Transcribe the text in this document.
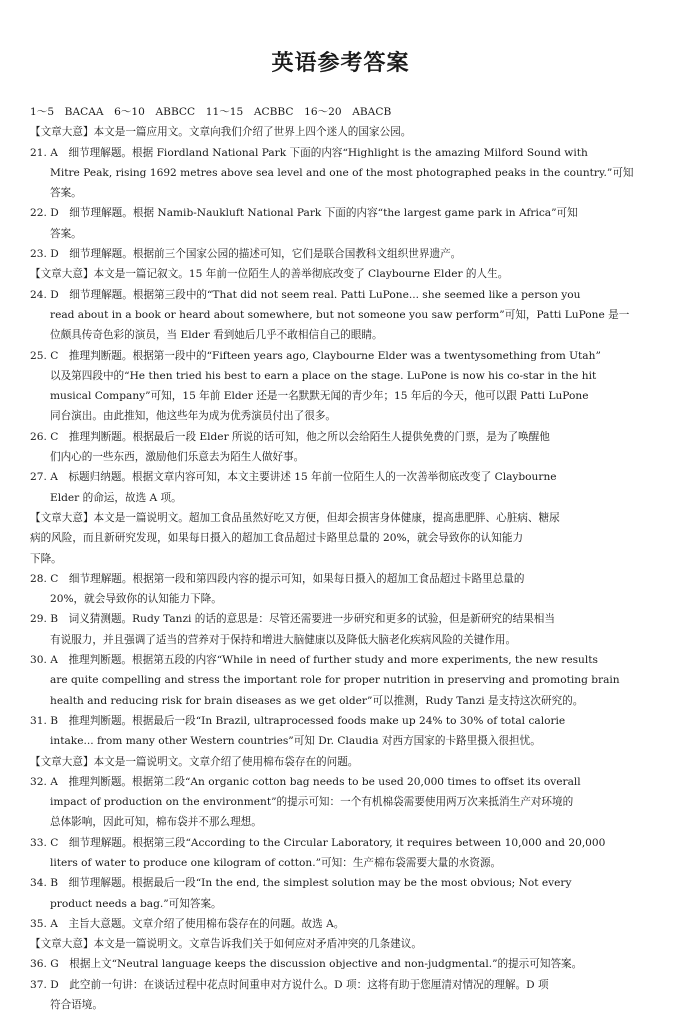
英语参考答案
1～5　BACAA　6～10　ABBCC　11～15　ACBBC　16～20　ABACB
【文章大意】本文是一篇应用文。文章向我们介绍了世界上四个迷人的国家公园。
21. A　细节理解题。根据 Fiordland National Park 下面的内容“Highlight is the amazing Milford Sound with
Mitre Peak, rising 1692 metres above sea level and one of the most photographed peaks in the country.”可知
答案。
22. D　细节理解题。根据 Namib-Naukluft National Park 下面的内容“the largest game park in Africa”可知
答案。
23. D　细节理解题。根据前三个国家公园的描述可知，它们是联合国教科文组织世界遗产。
【文章大意】本文是一篇记叙文。15 年前一位陌生人的善举彻底改变了 Claybourne Elder 的人生。
24. D　细节理解题。根据第三段中的“That did not seem real. Patti LuPone... she seemed like a person you
read about in a book or heard about somewhere, but not someone you saw perform”可知，Patti LuPone 是一
位颇具传奇色彩的演员，当 Elder 看到她后几乎不敢相信自己的眼睛。
25. C　推理判断题。根据第一段中的“Fifteen years ago, Claybourne Elder was a twentysomething from Utah”
以及第四段中的“He then tried his best to earn a place on the stage. LuPone is now his co-star in the hit
musical Company”可知，15 年前 Elder 还是一名默默无闻的青少年；15 年后的今天，他可以跟 Patti LuPone
同台演出。由此推知，他这些年为成为优秀演员付出了很多。
26. C　推理判断题。根据最后一段 Elder 所说的话可知，他之所以会给陌生人提供免费的门票，是为了唤醒他
们内心的一些东西，激励他们乐意去为陌生人做好事。
27. A　标题归纳题。根据文章内容可知，本文主要讲述 15 年前一位陌生人的一次善举彻底改变了 Claybourne
Elder 的命运，故选 A 项。
【文章大意】本文是一篇说明文。超加工食品虽然好吃又方便，但却会损害身体健康，提高患肥胖、心脏病、糖尿
病的风险，而且新研究发现，如果每日摄入的超加工食品超过卡路里总量的 20%，就会导致你的认知能力
下降。
28. C　细节理解题。根据第一段和第四段内容的提示可知，如果每日摄入的超加工食品超过卡路里总量的
20%，就会导致你的认知能力下降。
29. B　词义猜测题。Rudy Tanzi 的话的意思是：尽管还需要进一步研究和更多的试验，但是新研究的结果相当
有说服力，并且强调了适当的营养对于保持和增进大脑健康以及降低大脑老化疾病风险的关键作用。
30. A　推理判断题。根据第五段的内容“While in need of further study and more experiments, the new results
are quite compelling and stress the important role for proper nutrition in preserving and promoting brain
health and reducing risk for brain diseases as we get older”可以推测，Rudy Tanzi 是支持这次研究的。
31. B　推理判断题。根据最后一段“In Brazil, ultraprocessed foods make up 24% to 30% of total calorie
intake... from many other Western countries”可知 Dr. Claudia 对西方国家的卡路里摄入很担忧。
【文章大意】本文是一篇说明文。文章介绍了使用棉布袋存在的问题。
32. A　推理判断题。根据第二段“An organic cotton bag needs to be used 20,000 times to offset its overall
impact of production on the environment”的提示可知：一个有机棉袋需要使用两万次来抵消生产对环境的
总体影响，因此可知，棉布袋并不那么理想。
33. C　细节理解题。根据第三段“According to the Circular Laboratory, it requires between 10,000 and 20,000
liters of water to produce one kilogram of cotton.”可知：生产棉布袋需要大量的水资源。
34. B　细节理解题。根据最后一段“In the end, the simplest solution may be the most obvious; Not every
product needs a bag.”可知答案。
35. A　主旨大意题。文章介绍了使用棉布袋存在的问题。故选 A。
【文章大意】本文是一篇说明文。文章告诉我们关于如何应对矛盾冲突的几条建议。
36. G　根据上文“Neutral language keeps the discussion objective and non-judgmental.”的提示可知答案。
37. D　此空前一句讲：在谈话过程中花点时间重申对方说什么。D 项：这将有助于您厘清对情况的理解。D 项
符合语境。
